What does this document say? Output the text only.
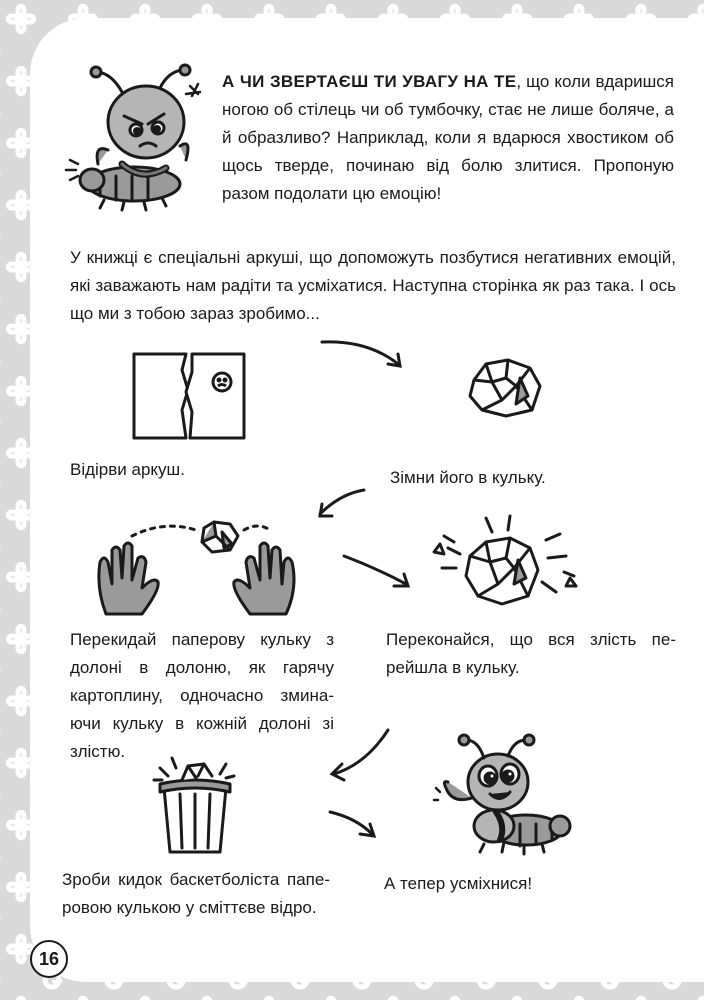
А ЧИ ЗВЕРТАЄШ ТИ УВАГУ НА ТЕ, що коли вдаришся ногою об стілець чи об тумбочку, стає не лише боляче, а й образливо? Наприклад, коли я вдаpюся хвостиком об щось тверде, починаю від болю злитися. Пропоную разом подолати цю емоцію!
У книжці є спеціальні аркуші, що допоможуть позбутися негативних емоцій, які заважають нам радіти та усміхатися. Наступна сторінка як раз така. І ось що ми з тобою зараз зробимо...
Відірви аркуш.	Зімни його в кульку.
Перекидай паперову кульку з долоні в долоню, як гарячу картоплину, одночасно зминаючи кульку в кожній долоні зі злістю.
Переконайся, що вся злість перейшла в кульку.
Зроби кидок баскетболіста паперовою кулькою у сміттєве відро.
А тепер усміхнися!
16
